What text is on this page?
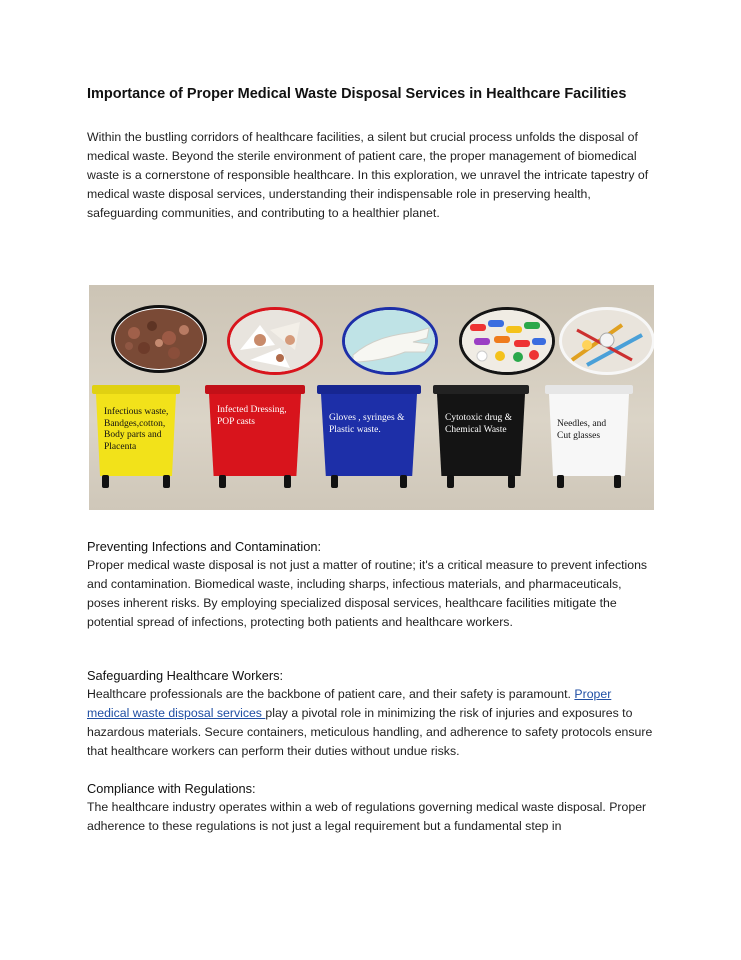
Importance of Proper Medical Waste Disposal Services in Healthcare Facilities
Within the bustling corridors of healthcare facilities, a silent but crucial process unfolds the disposal of medical waste. Beyond the sterile environment of patient care, the proper management of biomedical waste is a cornerstone of responsible healthcare. In this exploration, we unravel the intricate tapestry of medical waste disposal services, understanding their indispensable role in preserving health, safeguarding communities, and contributing to a healthier planet.
Infectious waste,
Bandges,cotton,
Body parts and
Placenta
Infected Dressing,
POP casts	Gloves , syringes &
Plastic waste.
Cytotoxic drug &
Chemical Waste
Needles, and
Cut glasses
Preventing Infections and Contamination:
Proper medical waste disposal is not just a matter of routine; it's a critical measure to prevent infections and contamination. Biomedical waste, including sharps, infectious materials, and pharmaceuticals, poses inherent risks. By employing specialized disposal services, healthcare facilities mitigate the potential spread of infections, protecting both patients and healthcare workers.
Safeguarding Healthcare Workers:
Healthcare professionals are the backbone of patient care, and their safety is paramount. Proper medical waste disposal services play a pivotal role in minimizing the risk of injuries and exposures to hazardous materials. Secure containers, meticulous handling, and adherence to safety protocols ensure that healthcare workers can perform their duties without undue risks.
Compliance with Regulations:
The healthcare industry operates within a web of regulations governing medical waste disposal. Proper adherence to these regulations is not just a legal requirement but a fundamental step in
